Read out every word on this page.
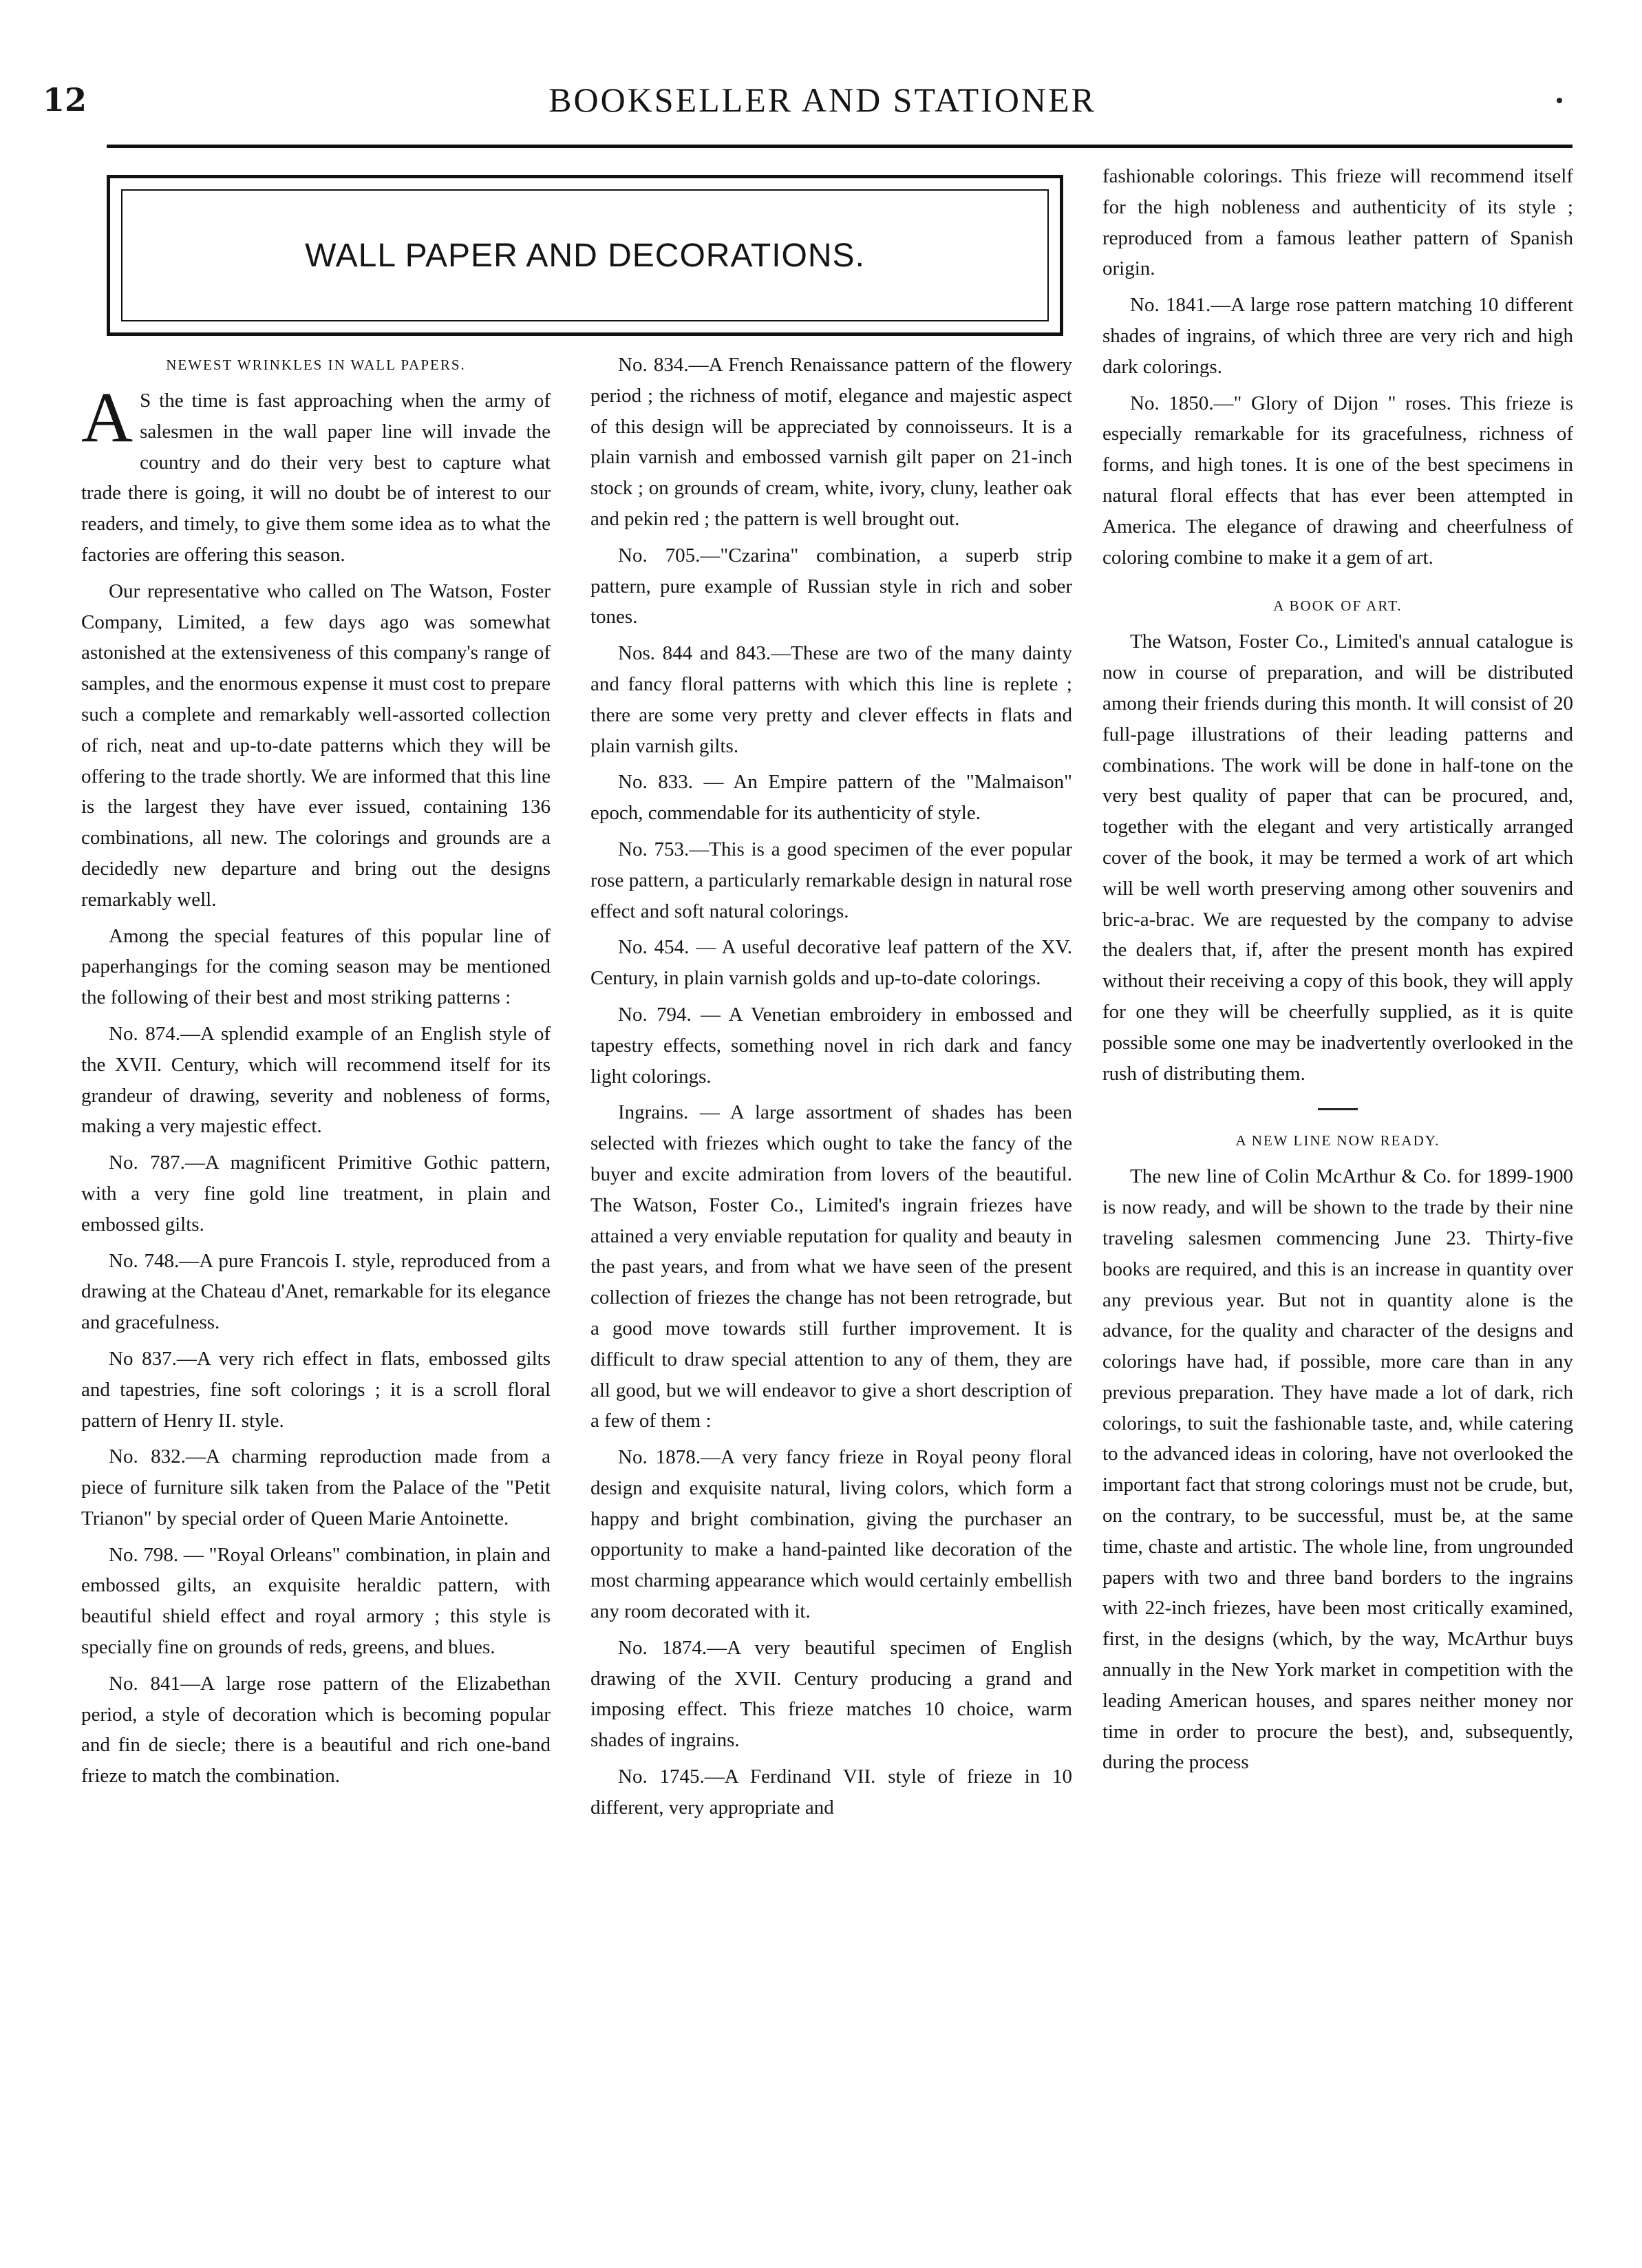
12	BOOKSELLER AND STATIONER
WALL PAPER AND DECORATIONS.
NEWEST WRINKLES IN WALL PAPERS.

A S the time is fast approaching when the army of salesmen in the wall paper line will invade the country and do their very best to capture what trade there is going, it will no doubt be of interest to our readers, and timely, to give them some idea as to what the factories are offering this season.

Our representative who called on The Watson, Foster Company, Limited, a few days ago was somewhat astonished at the extensiveness of this company's range of samples, and the enormous expense it must cost to prepare such a complete and remarkably well-assorted collection of rich, neat and up-to-date patterns which they will be offering to the trade shortly. We are informed that this line is the largest they have ever issued, containing 136 combinations, all new. The colorings and grounds are a decidedly new departure and bring out the designs remarkably well.

Among the special features of this popular line of paperhangings for the coming season may be mentioned the following of their best and most striking patterns :

No. 874.—A splendid example of an English style of the XVII. Century, which will recommend itself for its grandeur of drawing, severity and nobleness of forms, making a very majestic effect.

No. 787.—A magnificent Primitive Gothic pattern, with a very fine gold line treatment, in plain and embossed gilts.

No. 748.—A pure Francois I. style, reproduced from a drawing at the Chateau d'Anet, remarkable for its elegance and gracefulness.

No 837.—A very rich effect in flats, embossed gilts and tapestries, fine soft colorings ; it is a scroll floral pattern of Henry II. style.

No. 832.—A charming reproduction made from a piece of furniture silk taken from the Palace of the "Petit Trianon" by special order of Queen Marie Antoinette.

No. 798. — "Royal Orleans" combination, in plain and embossed gilts, an exquisite heraldic pattern, with beautiful shield effect and royal armory ; this style is specially fine on grounds of reds, greens, and blues.

No. 841—A large rose pattern of the Elizabethan period, a style of decoration which is becoming popular and fin de siecle; there is a beautiful and rich one-band frieze to match the combination.

No. 834.—A French Renaissance pattern of the flowery period ; the richness of motif, elegance and majestic aspect of this design will be appreciated by connoisseurs. It is a plain varnish and embossed varnish gilt paper on 21-inch stock ; on grounds of cream, white, ivory, cluny, leather oak and pekin red ; the pattern is well brought out.

No. 705.—"Czarina" combination, a superb strip pattern, pure example of Russian style in rich and sober tones.

Nos. 844 and 843.—These are two of the many dainty and fancy floral patterns with which this line is replete ; there are some very pretty and clever effects in flats and plain varnish gilts.

No. 833. — An Empire pattern of the "Malmaison" epoch, commendable for its authenticity of style.

No. 753.—This is a good specimen of the ever popular rose pattern, a particularly remarkable design in natural rose effect and soft natural colorings.

No. 454. — A useful decorative leaf pattern of the XV. Century, in plain varnish golds and up-to-date colorings.

No. 794. — A Venetian embroidery in embossed and tapestry effects, something novel in rich dark and fancy light colorings.

Ingrains. — A large assortment of shades has been selected with friezes which ought to take the fancy of the buyer and excite admiration from lovers of the beautiful. The Watson, Foster Co., Limited's ingrain friezes have attained a very enviable reputation for quality and beauty in the past years, and from what we have seen of the present collection of friezes the change has not been retrograde, but a good move towards still further improvement. It is difficult to draw special attention to any of them, they are all good, but we will endeavor to give a short description of a few of them :

No. 1878.—A very fancy frieze in Royal peony floral design and exquisite natural, living colors, which form a happy and bright combination, giving the purchaser an opportunity to make a hand-painted like decoration of the most charming appearance which would certainly embellish any room decorated with it.

No. 1874.—A very beautiful specimen of English drawing of the XVII. Century producing a grand and imposing effect. This frieze matches 10 choice, warm shades of ingrains.

No. 1745.—A Ferdinand VII. style of frieze in 10 different, very appropriate and

fashionable colorings. This frieze will recommend itself for the high nobleness and authenticity of its style ; reproduced from a famous leather pattern of Spanish origin.

No. 1841.—A large rose pattern matching 10 different shades of ingrains, of which three are very rich and high dark colorings.

No. 1850.—" Glory of Dijon " roses. This frieze is especially remarkable for its gracefulness, richness of forms, and high tones. It is one of the best specimens in natural floral effects that has ever been attempted in America. The elegance of drawing and cheerfulness of coloring combine to make it a gem of art.

A BOOK OF ART.

The Watson, Foster Co., Limited's annual catalogue is now in course of preparation, and will be distributed among their friends during this month. It will consist of 20 full-page illustrations of their leading patterns and combinations. The work will be done in half-tone on the very best quality of paper that can be procured, and, together with the elegant and very artistically arranged cover of the book, it may be termed a work of art which will be well worth preserving among other souvenirs and bric-a-brac. We are requested by the company to advise the dealers that, if, after the present month has expired without their receiving a copy of this book, they will apply for one they will be cheerfully supplied, as it is quite possible some one may be inadvertently overlooked in the rush of distributing them.

A NEW LINE NOW READY.

The new line of Colin McArthur & Co. for 1899-1900 is now ready, and will be shown to the trade by their nine traveling salesmen commencing June 23. Thirty-five books are required, and this is an increase in quantity over any previous year. But not in quantity alone is the advance, for the quality and character of the designs and colorings have had, if possible, more care than in any previous preparation. They have made a lot of dark, rich colorings, to suit the fashionable taste, and, while catering to the advanced ideas in coloring, have not overlooked the important fact that strong colorings must not be crude, but, on the contrary, to be successful, must be, at the same time, chaste and artistic. The whole line, from ungrounded papers with two and three band borders to the ingrains with 22-inch friezes, have been most critically examined, first, in the designs (which, by the way, McArthur buys annually in the New York market in competition with the leading American houses, and spares neither money nor time in order to procure the best), and, subsequently, during the process
